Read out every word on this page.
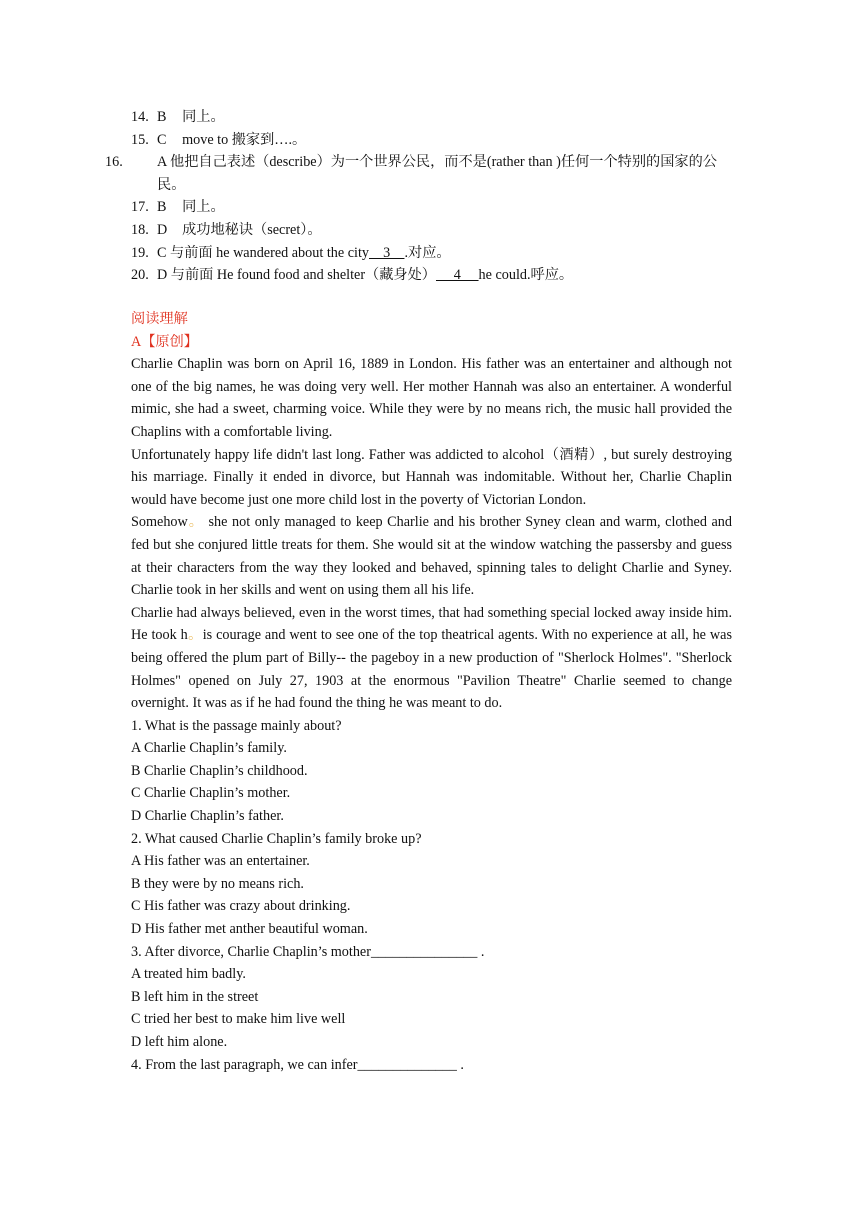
14. B 同上。
15. C move to 搬家到….。
16. A 他把自己表述（describe）为一个世界公民，而不是(rather than )任何一个特别的国家的公民。
17. B 同上。
18. D 成功地秘诀（secret）。
19. C 与前面 he wandered about the city    3    .对应。
20. D 与前面 He found food and shelter（藏身处）     4     he could.呼应。
阅读理解
A【原创】

Charlie Chaplin was born on April 16, 1889 in London. His father was an entertainer and although not one of the big names, he was doing very well. Her mother Hannah was also an entertainer. A wonderful mimic, she had a sweet, charming voice. While they were by no means rich, the music hall provided the Chaplins with a comfortable living.

Unfortunately happy life didn't last long. Father was addicted to alcohol（酒精）, but surely destroying his marriage. Finally it ended in divorce, but Hannah was indomitable. Without her, Charlie Chaplin would have become just one more child lost in the poverty of Victorian London.

Somehow。 she not only managed to keep Charlie and his brother Syney clean and warm, clothed and fed but she conjured little treats for them. She would sit at the window watching the passersby and guess at their characters from the way they looked and behaved, spinning tales to delight Charlie and Syney. Charlie took in her skills and went on using them all his life.

Charlie had always believed, even in the worst times, that had something special locked away inside him. He took h。is courage and went to see one of the top theatrical agents. With no experience at all, he was being offered the plum part of Billy-- the pageboy in a new production of "Sherlock Holmes". "Sherlock Holmes" opened on July 27, 1903 at the enormous "Pavilion Theatre" Charlie seemed to change overnight. It was as if he had found the thing he was meant to do.

1. What is the passage mainly about?

A Charlie Chaplin’s family.

B Charlie Chaplin’s childhood.

C Charlie Chaplin’s mother.

D Charlie Chaplin’s father.

2. What caused Charlie Chaplin’s family broke up?

A His father was an entertainer.

B they were by no means rich.

C His father was crazy about drinking.

D His father met anther beautiful woman.

3. After divorce, Charlie Chaplin’s mother_______________ .

A treated him badly.

B left him in the street

C tried her best to make him live well

D left him alone.

4. From the last paragraph, we can infer______________ .
